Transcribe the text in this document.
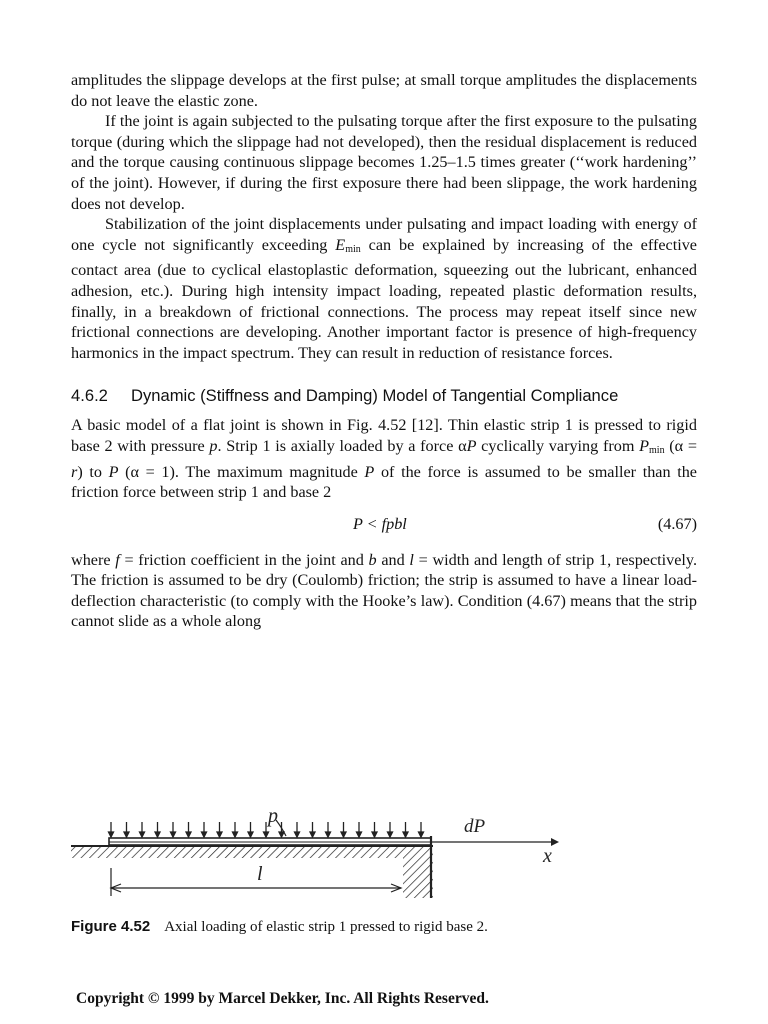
amplitudes the slippage develops at the first pulse; at small torque amplitudes the displacements do not leave the elastic zone.

If the joint is again subjected to the pulsating torque after the first exposure to the pulsating torque (during which the slippage had not developed), then the residual displacement is reduced and the torque causing continuous slippage becomes 1.25–1.5 times greater (‘‘work hardening’’ of the joint). However, if during the first exposure there had been slippage, the work hardening does not develop.

Stabilization of the joint displacements under pulsating and impact loading with energy of one cycle not significantly exceeding $E_{min}$ can be explained by increasing of the effective contact area (due to cyclical elastoplastic deformation, squeezing out the lubricant, enhanced adhesion, etc.). During high intensity impact loading, repeated plastic deformation results, finally, in a breakdown of frictional connections. The process may repeat itself since new frictional connections are developing. Another important factor is presence of high-frequency harmonics in the impact spectrum. They can result in reduction of resistance forces.

4.6.2	Dynamic (Stiffness and Damping) Model of Tangential Compliance

A basic model of a flat joint is shown in Fig. 4.52 [12]. Thin elastic strip 1 is pressed to rigid base 2 with pressure p. Strip 1 is axially loaded by a force αP cyclically varying from $P_{min}$ (α = r) to P (α = 1). The maximum magnitude P of the force is assumed to be smaller than the friction force between strip 1 and base 2

P < fpbl	(4.67)

where f = friction coefficient in the joint and b and l = width and length of strip 1, respectively. The friction is assumed to be dry (Coulomb) friction; the strip is assumed to have a linear load-deflection characteristic (to comply with the Hooke’s law). Condition (4.67) means that the strip cannot slide as a whole along

p	dP
x
l
Figure 4.52 Axial loading of elastic strip 1 pressed to rigid base 2.
Copyright © 1999 by Marcel Dekker, Inc. All Rights Reserved.
